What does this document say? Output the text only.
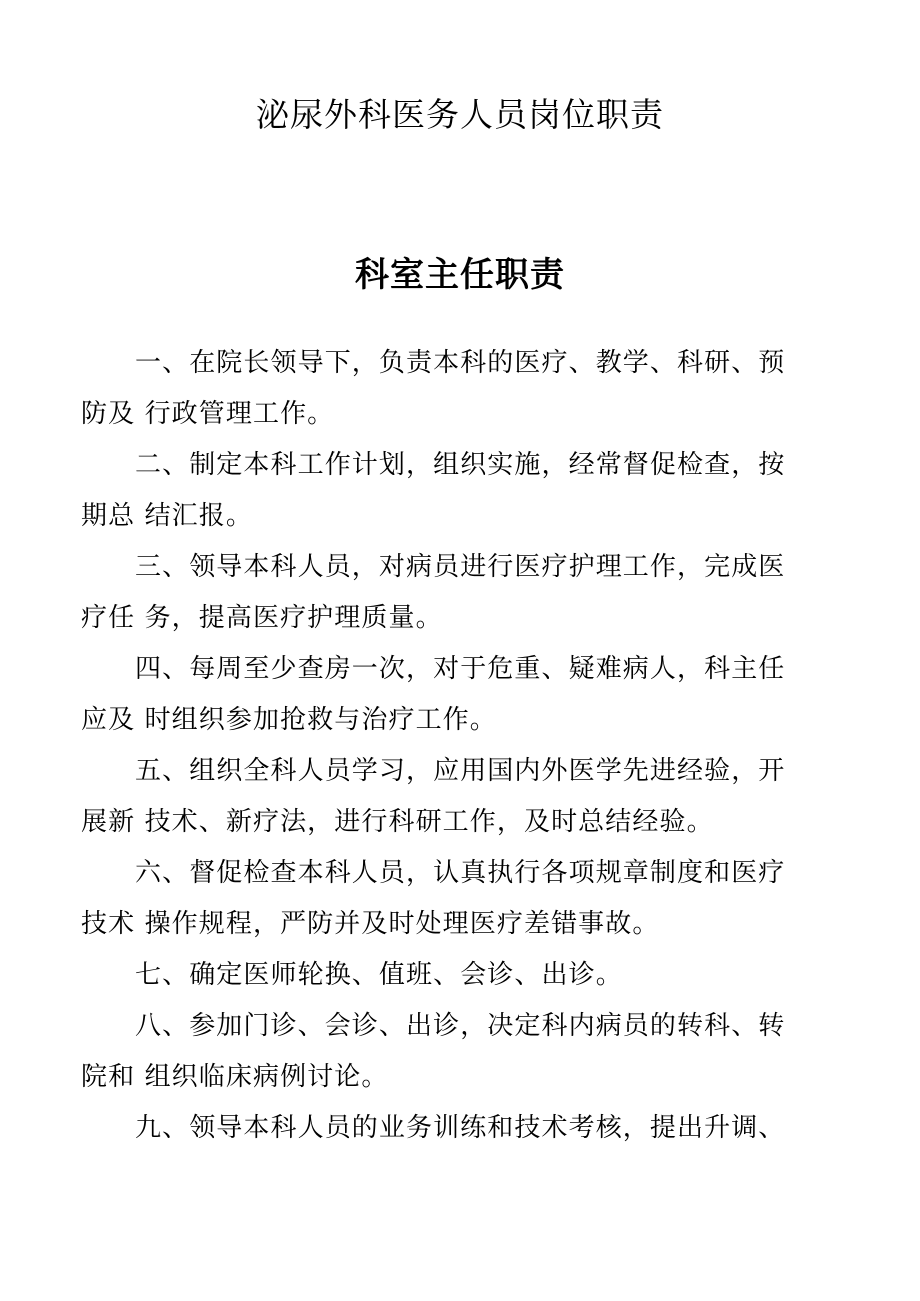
泌尿外科医务人员岗位职责
科室主任职责
一、在院长领导下，负责本科的医疗、教学、科研、预
防及 行政管理工作。
二、制定本科工作计划，组织实施，经常督促检查，按
期总 结汇报。
三、领导本科人员，对病员进行医疗护理工作，完成医
疗任 务，提高医疗护理质量。
四、每周至少查房一次，对于危重、疑难病人，科主任
应及 时组织参加抢救与治疗工作。
五、组织全科人员学习，应用国内外医学先进经验，开
展新 技术、新疗法，进行科研工作，及时总结经验。
六、督促检查本科人员，认真执行各项规章制度和医疗
技术 操作规程，严防并及时处理医疗差错事故。
七、确定医师轮换、值班、会诊、出诊。
八、参加门诊、会诊、出诊，决定科内病员的转科、转
院和 组织临床病例讨论。
九、领导本科人员的业务训练和技术考核，提出升调、
